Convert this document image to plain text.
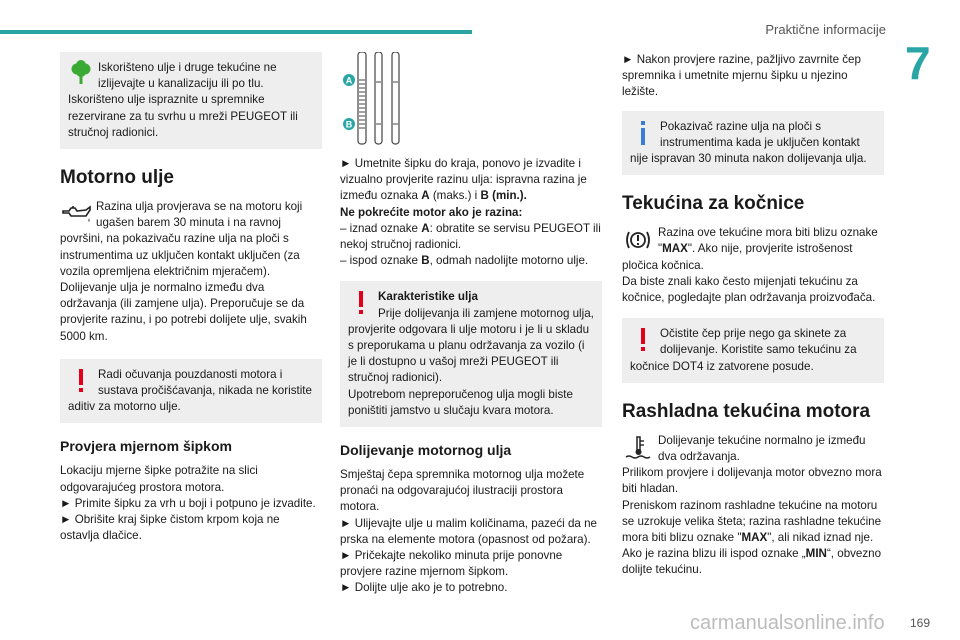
Praktične informacije
7
Iskorišteno ulje i druge tekućine ne izlijevajte u kanalizaciju ili po tlu.
Iskorišteno ulje ispraznite u spremnike rezervirane za tu svrhu u mreži PEUGEOT ili stručnoj radionici.
Motorno ulje
Razina ulja provjerava se na motoru koji ugašen barem 30 minuta i na ravnoj površini, na pokazivaču razine ulja na ploči s instrumentima uz uključen kontakt uključen (za vozila opremljena električnim mjeračem).
Dolijevanje ulja je normalno između dva održavanja (ili zamjene ulja). Preporučuje se da provjerite razinu, i po potrebi dolijete ulje, svakih 5000 km.
Radi očuvanja pouzdanosti motora i sustava pročišćavanja, nikada ne koristite aditiv za motorno ulje.
Provjera mjernom šipkom
Lokaciju mjerne šipke potražite na slici odgovarajućeg prostora motora.
► Primite šipku za vrh u boji i potpuno je izvadite.
► Obrišite kraj šipke čistom krpom koja ne ostavlja dlačice.
A
B
► Umetnite šipku do kraja, ponovo je izvadite i vizualno provjerite razinu ulja: ispravna razina je između oznaka A (maks.) i B (min.).
Ne pokrećite motor ako je razina:
– iznad oznake A: obratite se servisu PEUGEOT ili nekoj stručnoj radionici.
– ispod oznake B, odmah nadolijte motorno ulje.
Karakteristike ulja
Prije dolijevanja ili zamjene motornog ulja, provjerite odgovara li ulje motoru i je li u skladu s preporukama u planu održavanja za vozilo (i je li dostupno u vašoj mreži PEUGEOT ili stručnoj radionici).
Upotrebom nepreporučenog ulja mogli biste poništiti jamstvo u slučaju kvara motora.
Dolijevanje motornog ulja
Smještaj čepa spremnika motornog ulja možete pronaći na odgovarajućoj ilustraciji prostora motora.
► Ulijevajte ulje u malim količinama, pazeći da ne prska na elemente motora (opasnost od požara).
► Pričekajte nekoliko minuta prije ponovne provjere razine mjernom šipkom.
► Dolijte ulje ako je to potrebno.
► Nakon provjere razine, pažljivo zavrnite čep spremnika i umetnite mjernu šipku u njezino ležište.
Pokazivač razine ulja na ploči s instrumentima kada je uključen kontakt nije ispravan 30 minuta nakon dolijevanja ulja.
Tekućina za kočnice
Razina ove tekućine mora biti blizu oznake "MAX". Ako nije, provjerite istrošenost pločica kočnica.
Da biste znali kako često mijenjati tekućinu za kočnice, pogledajte plan održavanja proizvođača.
Očistite čep prije nego ga skinete za dolijevanje. Koristite samo tekućinu za kočnice DOT4 iz zatvorene posude.
Rashladna tekućina motora
Dolijevanje tekućine normalno je između dva održavanja.
Prilikom provjere i dolijevanja motor obvezno mora biti hladan.
Preniskom razinom rashladne tekućine na motoru se uzrokuje velika šteta; razina rashladne tekućine mora biti blizu oznake "MAX", ali nikad iznad nje.
Ako je razina blizu ili ispod oznake „MIN“, obvezno dolijte tekućinu.
169
carmanualsonline.info
